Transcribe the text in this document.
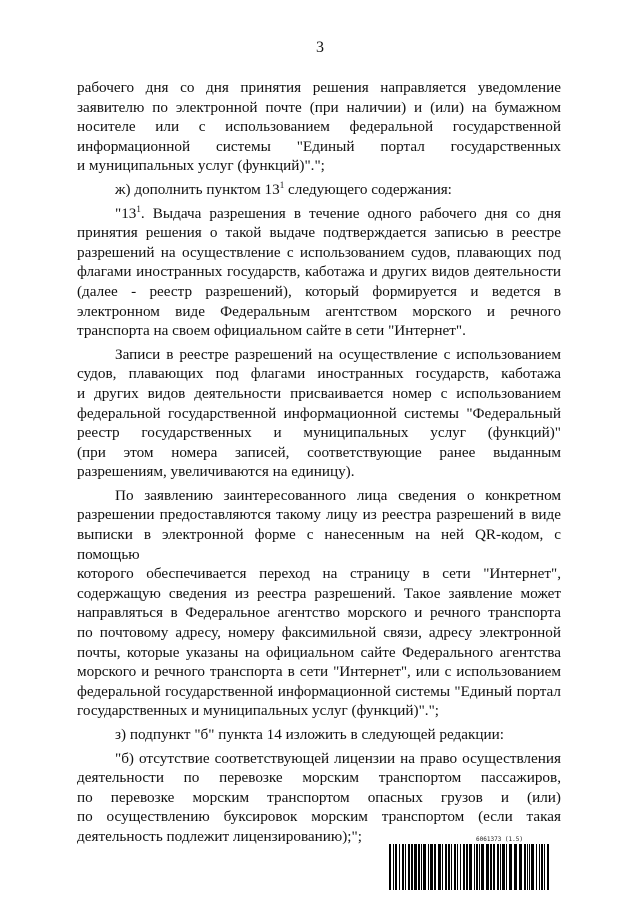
3

рабочего дня со дня принятия решения направляется уведомление

заявителю по электронной почте (при наличии) и (или) на бумажном

носителе или с использованием федеральной государственной

информационной системы "Единый портал государственных

и муниципальных услуг (функций)".";

ж) дополнить пунктом $13^1$ следующего содержания:

"$13^1$. Выдача разрешения в течение одного рабочего дня со дня

принятия решения о такой выдаче подтверждается записью в реестре

разрешений на осуществление с использованием судов, плавающих под

флагами иностранных государств, каботажа и других видов деятельности

(далее - реестр разрешений), который формируется и ведется в

электронном виде Федеральным агентством морского и речного

транспорта на своем официальном сайте в сети "Интернет".

Записи в реестре разрешений на осуществление с использованием

судов, плавающих под флагами иностранных государств, каботажа

и других видов деятельности присваивается номер с использованием

федеральной государственной информационной системы "Федеральный

реестр государственных и муниципальных услуг (функций)"

(при этом номера записей, соответствующие ранее выданным

разрешениям, увеличиваются на единицу).

По заявлению заинтересованного лица сведения о конкретном

разрешении предоставляются такому лицу из реестра разрешений в виде

выписки в электронной форме с нанесенным на ней QR-кодом, с помощью

которого обеспечивается переход на страницу в сети "Интернет",

содержащую сведения из реестра разрешений. Такое заявление может

направляться в Федеральное агентство морского и речного транспорта

по почтовому адресу, номеру факсимильной связи, адресу электронной

почты, которые указаны на официальном сайте Федерального агентства

морского и речного транспорта в сети "Интернет", или с использованием

федеральной государственной информационной системы "Единый портал

государственных и муниципальных услуг (функций)".";

з) подпункт "б" пункта 14 изложить в следующей редакции:

"б) отсутствие соответствующей лицензии на право осуществления

деятельности по перевозке морским транспортом пассажиров,

по перевозке морским транспортом опасных грузов и (или)

по осуществлению буксировок морским транспортом (если такая

деятельность подлежит лицензированию);";	6061373 (1.5)
